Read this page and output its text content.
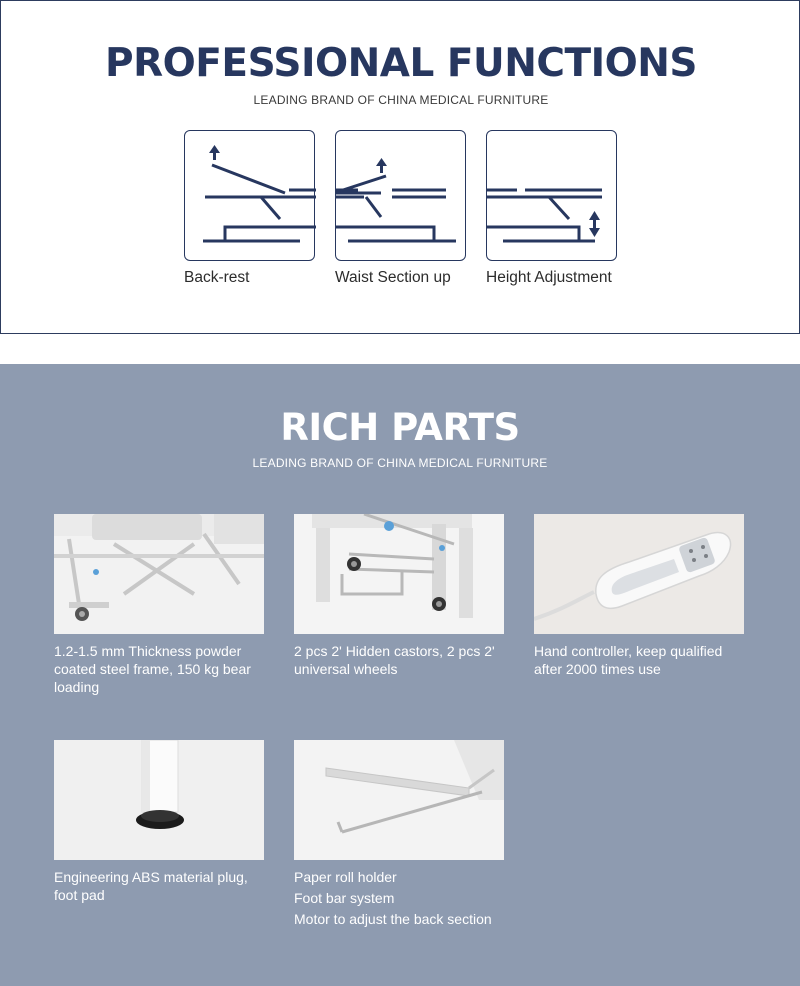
PROFESSIONAL FUNCTIONS
LEADING BRAND OF CHINA MEDICAL FURNITURE
Back-rest	Waist Section up Height Adjustment
RICH PARTS
LEADING BRAND OF CHINA MEDICAL FURNITURE
1.2-1.5 mm Thickness powder
coated steel frame, 150 kg bear
loading
2 pcs 2' Hidden castors, 2 pcs 2'
universal wheels
Hand controller, keep qualified
after 2000 times use
Engineering ABS material plug,
foot pad
Paper roll holder
Foot bar system
Motor to adjust the back section
